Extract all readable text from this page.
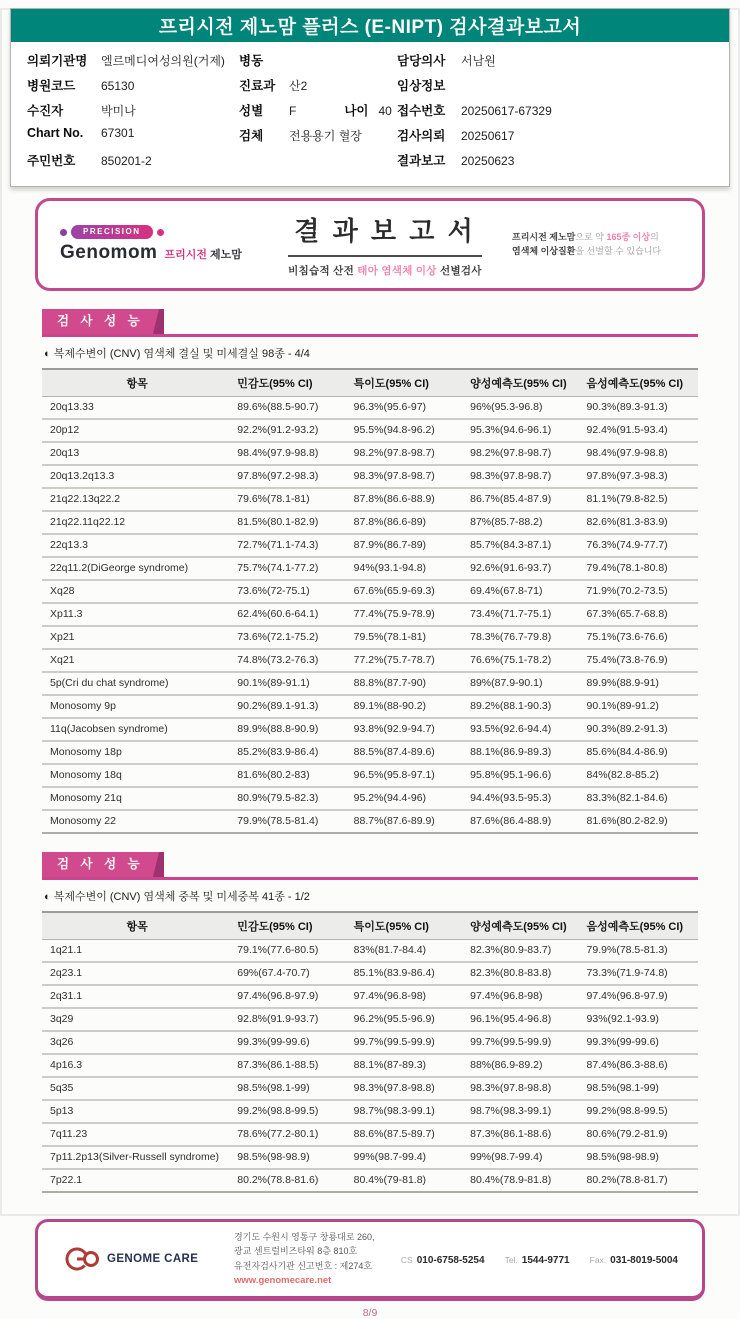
프리시전 제노맘 플러스 (E-NIPT) 검사결과보고서
의뢰기관명	엘르메디여성의원(거제)
병원코드	65130
수진자	박미나
Chart No.	67301
주민번호	850201-2
병동
진료과	산2
성별	F	나이 40
검체	전용용기 혈장
담당의사	서남원
임상정보
접수번호	20250617-67329
검사의뢰	20250617
결과보고	20250623
PRECISION
Genomom 프리시전 제노맘
결 과 보 고 서
비침습적 산전 태아 염색체 이상 선별검사
프리시전 제노맘으로 약 165종 이상의
염색체 이상질환을 선별할 수 있습니다
검 사 성 능
◐ 복제수변이 (CNV) 염색체 결실 및 미세결실 98종 - 4/4
항목	민감도(95% CI)	특이도(95% CI)	양성예측도(95% CI)	음성예측도(95% CI)
20q13.33	89.6%(88.5-90.7)	96.3%(95.6-97)	96%(95.3-96.8)	90.3%(89.3-91.3)
20p12	92.2%(91.2-93.2)	95.5%(94.8-96.2)	95.3%(94.6-96.1)	92.4%(91.5-93.4)
20q13	98.4%(97.9-98.8)	98.2%(97.8-98.7)	98.2%(97.8-98.7)	98.4%(97.9-98.8)
20q13.2q13.3	97.8%(97.2-98.3)	98.3%(97.8-98.7)	98.3%(97.8-98.7)	97.8%(97.3-98.3)
21q22.13q22.2	79.6%(78.1-81)	87.8%(86.6-88.9)	86.7%(85.4-87.9)	81.1%(79.8-82.5)
21q22.11q22.12	81.5%(80.1-82.9)	87.8%(86.6-89)	87%(85.7-88.2)	82.6%(81.3-83.9)
22q13.3	72.7%(71.1-74.3)	87.9%(86.7-89)	85.7%(84.3-87.1)	76.3%(74.9-77.7)
22q11.2(DiGeorge syndrome)	75.7%(74.1-77.2)	94%(93.1-94.8)	92.6%(91.6-93.7)	79.4%(78.1-80.8)
Xq28	73.6%(72-75.1)	67.6%(65.9-69.3)	69.4%(67.8-71)	71.9%(70.2-73.5)
Xp11.3	62.4%(60.6-64.1)	77.4%(75.9-78.9)	73.4%(71.7-75.1)	67.3%(65.7-68.8)
Xp21	73.6%(72.1-75.2)	79.5%(78.1-81)	78.3%(76.7-79.8)	75.1%(73.6-76.6)
Xq21	74.8%(73.2-76.3)	77.2%(75.7-78.7)	76.6%(75.1-78.2)	75.4%(73.8-76.9)
5p(Cri du chat syndrome)	90.1%(89-91.1)	88.8%(87.7-90)	89%(87.9-90.1)	89.9%(88.9-91)
Monosomy 9p	90.2%(89.1-91.3)	89.1%(88-90.2)	89.2%(88.1-90.3)	90.1%(89-91.2)
11q(Jacobsen syndrome)	89.9%(88.8-90.9)	93.8%(92.9-94.7)	93.5%(92.6-94.4)	90.3%(89.2-91.3)
Monosomy 18p	85.2%(83.9-86.4)	88.5%(87.4-89.6)	88.1%(86.9-89.3)	85.6%(84.4-86.9)
Monosomy 18q	81.6%(80.2-83)	96.5%(95.8-97.1)	95.8%(95.1-96.6)	84%(82.8-85.2)
Monosomy 21q	80.9%(79.5-82.3)	95.2%(94.4-96)	94.4%(93.5-95.3)	83.3%(82.1-84.6)
Monosomy 22	79.9%(78.5-81.4)	88.7%(87.6-89.9)	87.6%(86.4-88.9)	81.6%(80.2-82.9)
검 사 성 능
◐ 복제수변이 (CNV) 염색체 중복 및 미세중복 41종 - 1/2
항목	민감도(95% CI)	특이도(95% CI)	양성예측도(95% CI)	음성예측도(95% CI)
1q21.1	79.1%(77.6-80.5)	83%(81.7-84.4)	82.3%(80.9-83.7)	79.9%(78.5-81.3)
2q23.1	69%(67.4-70.7)	85.1%(83.9-86.4)	82.3%(80.8-83.8)	73.3%(71.9-74.8)
2q31.1	97.4%(96.8-97.9)	97.4%(96.8-98)	97.4%(96.8-98)	97.4%(96.8-97.9)
3q29	92.8%(91.9-93.7)	96.2%(95.5-96.9)	96.1%(95.4-96.8)	93%(92.1-93.9)
3q26	99.3%(99-99.6)	99.7%(99.5-99.9)	99.7%(99.5-99.9)	99.3%(99-99.6)
4p16.3	87.3%(86.1-88.5)	88.1%(87-89.3)	88%(86.9-89.2)	87.4%(86.3-88.6)
5q35	98.5%(98.1-99)	98.3%(97.8-98.8)	98.3%(97.8-98.8)	98.5%(98.1-99)
5p13	99.2%(98.8-99.5)	98.7%(98.3-99.1)	98.7%(98.3-99.1)	99.2%(98.8-99.5)
7q11.23	78.6%(77.2-80.1)	88.6%(87.5-89.7)	87.3%(86.1-88.6)	80.6%(79.2-81.9)
7p11.2p13(Silver-Russell syndrome)	98.5%(98-98.9)	99%(98.7-99.4)	99%(98.7-99.4)	98.5%(98-98.9)
7p22.1	80.2%(78.8-81.6)	80.4%(79-81.8)	80.4%(78.9-81.8)	80.2%(78.8-81.7)
GENOME CARE
경기도 수원시 영통구 창룡대로 260, 광교 센트럴비즈타워 8층 810호
유전자검사기관 신고번호 : 제274호
www.genomecare.net
CS 010-6758-5254 Tel. 1544-9771 Fax. 031-8019-5004
8/9
